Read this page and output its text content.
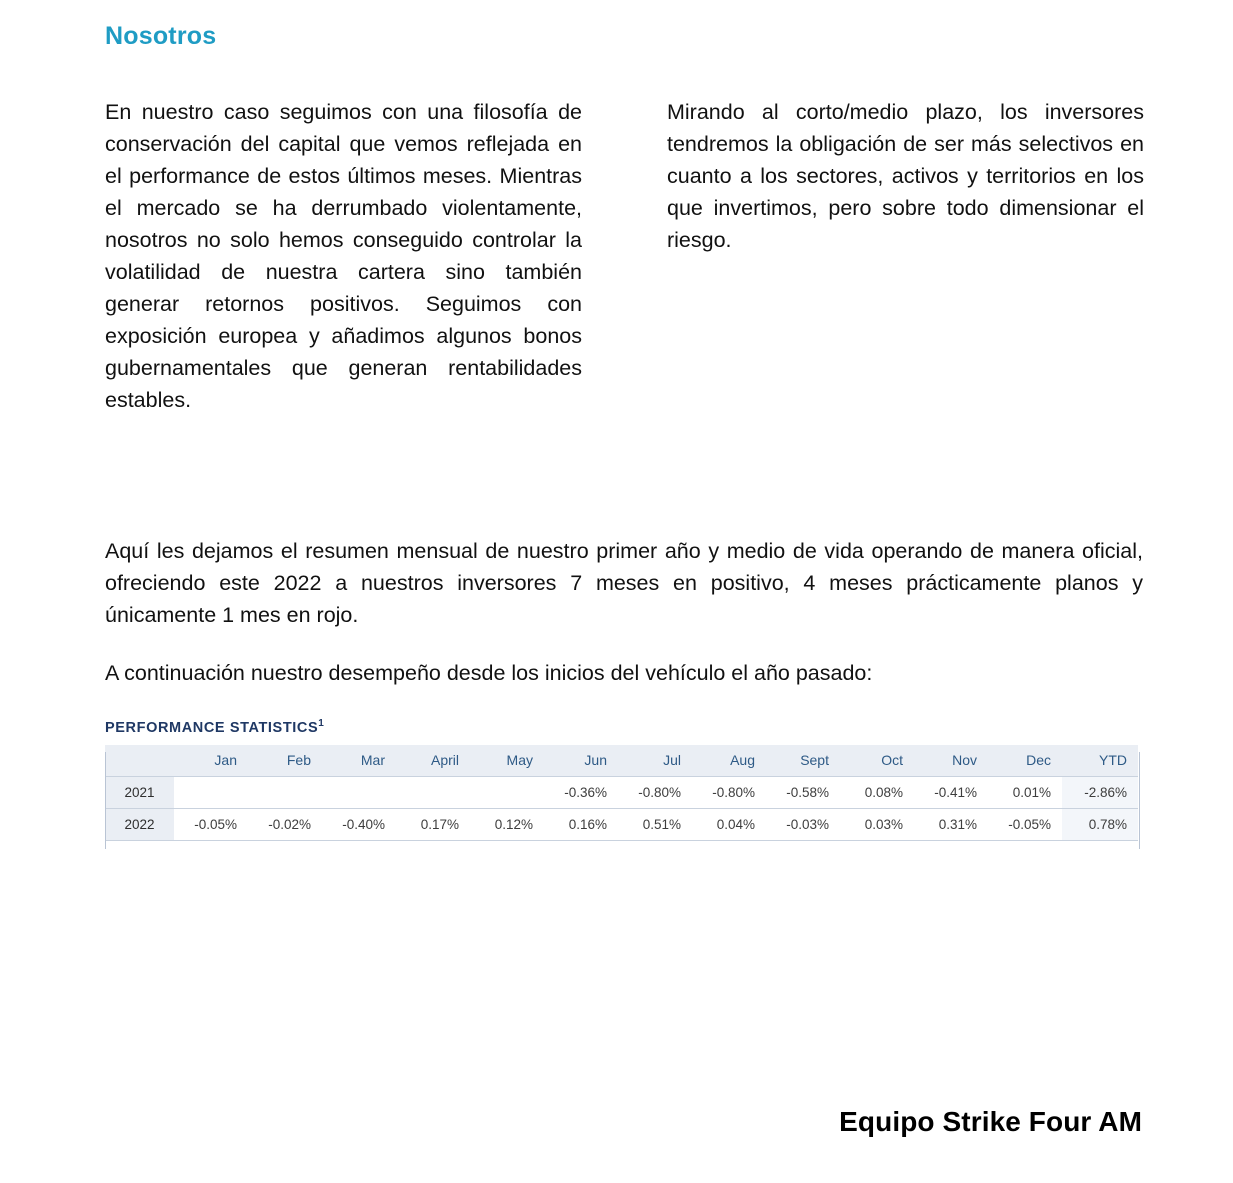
Nosotros

En nuestro caso seguimos con una filosofía de conservación del capital que vemos reflejada en el performance de estos últimos meses. Mientras el mercado se ha derrumbado violentamente, nosotros no solo hemos conseguido controlar la volatilidad de nuestra cartera sino también generar retornos positivos. Seguimos con exposición europea y añadimos algunos bonos gubernamentales que generan rentabilidades estables.

Mirando al corto/medio plazo, los inversores tendremos la obligación de ser más selectivos en cuanto a los sectores, activos y territorios en los que invertimos, pero sobre todo dimensionar el riesgo.

Aquí les dejamos el resumen mensual de nuestro primer año y medio de vida operando de manera oficial, ofreciendo este 2022 a nuestros inversores 7 meses en positivo, 4 meses prácticamente planos y únicamente 1 mes en rojo.

A continuación nuestro desempeño desde los inicios del vehículo el año pasado:

PERFORMANCE STATISTICS$^1$
	Jan	Feb	Mar	April	May	Jun	Jul	Aug	Sept	Oct	Nov	Dec	YTD
2021						-0.36%	-0.80%	-0.80%	-0.58%	0.08%	-0.41%	0.01%	-2.86%
2022	-0.05%	-0.02%	-0.40%	0.17%	0.12%	0.16%	0.51%	0.04%	-0.03%	0.03%	0.31%	-0.05%	0.78%
Equipo Strike Four AM
